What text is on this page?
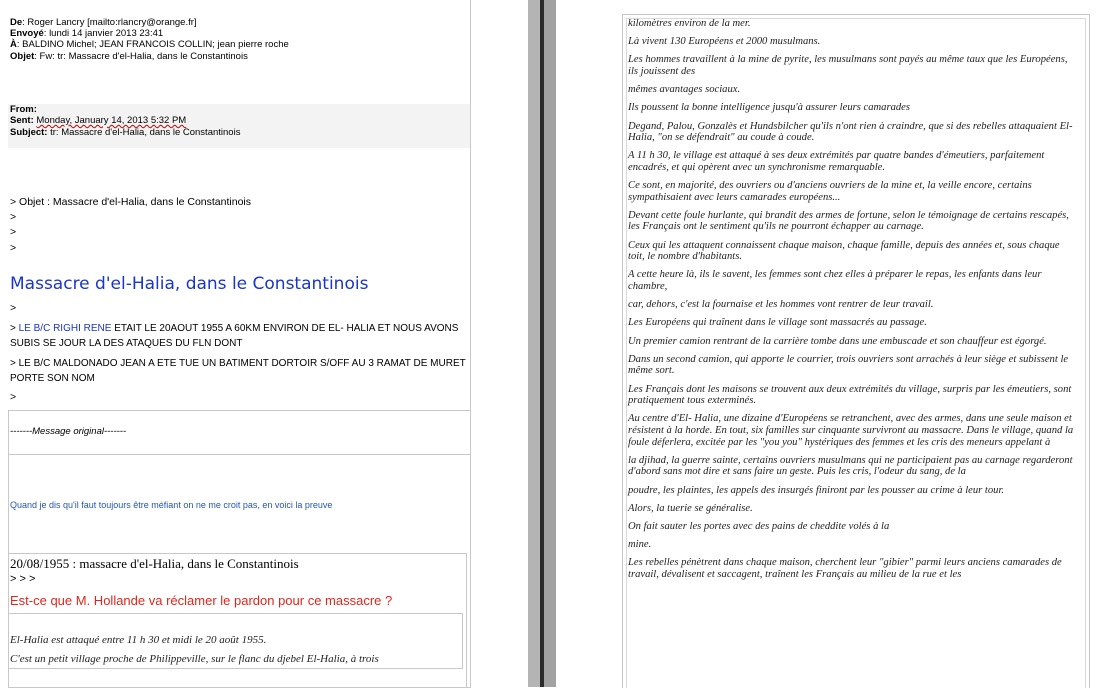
De: Roger Lancry [mailto:rlancry@orange.fr]
Envoyé: lundi 14 janvier 2013 23:41
À: BALDINO Michel; JEAN FRANCOIS COLLIN; jean pierre roche
Objet: Fw: tr: Massacre d'el-Halia, dans le Constantinois
From:
Sent: Monday, January 14, 2013 5:32 PM
Subject: tr: Massacre d'el-Halia, dans le Constantinois
> Objet : Massacre d'el-Halia, dans le Constantinois
>
>
>
Massacre d'el-Halia, dans le Constantinois
>
> LE B/C RIGHI RENE ETAIT LE 20AOUT 1955 A 60KM ENVIRON DE EL- HALIA ET NOUS AVONS SUBIS SE JOUR LA DES ATAQUES DU FLN DONT
> LE B/C MALDONADO JEAN A ETE TUE UN BATIMENT DORTOIR S/OFF AU 3 RAMAT DE MURET PORTE SON NOM
>
-------Message original-------
Quand je dis qu'il faut toujours être méfiant on ne me croit pas, en voici la preuve
20/08/1955 : massacre d'el-Halia, dans le Constantinois
> > >
Est-ce que M. Hollande va réclamer le pardon pour ce massacre ?
El-Halia est attaqué entre 11 h 30 et midi le 20 août 1955.
C'est un petit village proche de Philippeville, sur le flanc du djebel El-Halia, à trois

kilomètres environ de la mer.

Là vivent 130 Européens et 2000 musulmans.

Les hommes travaillent à la mine de pyrite, les musulmans sont payés au même taux que les Européens, ils jouissent des

mêmes avantages sociaux.

Ils poussent la bonne intelligence jusqu'à assurer leurs camarades

Degand, Palou, Gonzalès et Hundsbilcher qu'ils n'ont rien à craindre, que si des rebelles attaquaient El-Halia, "on se défendrait" au coude à coude.

A 11 h 30, le village est attaqué à ses deux extrémités par quatre bandes d'émeutiers, parfaitement encadrés, et qui opèrent avec un synchronisme remarquable.

Ce sont, en majorité, des ouvriers ou d'anciens ouvriers de la mine et, la veille encore, certains sympathisaient avec leurs camarades européens...

Devant cette foule hurlante, qui brandit des armes de fortune, selon le témoignage de certains rescapés, les Français ont le sentiment qu'ils ne pourront échapper au carnage.

Ceux qui les attaquent connaissent chaque maison, chaque famille, depuis des années et, sous chaque toit, le nombre d'habitants.

A cette heure là, ils le savent, les femmes sont chez elles à préparer le repas, les enfants dans leur chambre,

car, dehors, c'est la fournaise et les hommes vont rentrer de leur travail.

Les Européens qui traînent dans le village sont massacrés au passage.

Un premier camion rentrant de la carrière tombe dans une embuscade et son chauffeur est égorgé.

Dans un second camion, qui apporte le courrier, trois ouvriers sont arrachés à leur siège et subissent le même sort.

Les Français dont les maisons se trouvent aux deux extrémités du village, surpris par les émeutiers, sont pratiquement tous exterminés.

Au centre d'El- Halia, une dizaine d'Européens se retranchent, avec des armes, dans une seule maison et résistent à la horde. En tout, six familles sur cinquante survivront au massacre. Dans le village, quand la foule déferlera, excitée par les "you you" hystériques des femmes et les cris des meneurs appelant à

la djihad, la guerre sainte, certains ouvriers musulmans qui ne participaient pas au carnage regarderont d'abord sans mot dire et sans faire un geste. Puis les cris, l'odeur du sang, de la

poudre, les plaintes, les appels des insurgés finiront par les pousser au crime à leur tour.

Alors, la tuerie se généralise.

On fait sauter les portes avec des pains de cheddite volés à la

mine.

Les rebelles pénètrent dans chaque maison, cherchent leur "gibier" parmi leurs anciens camarades de travail, dévalisent et saccagent, traînent les Français au milieu de la rue et les
